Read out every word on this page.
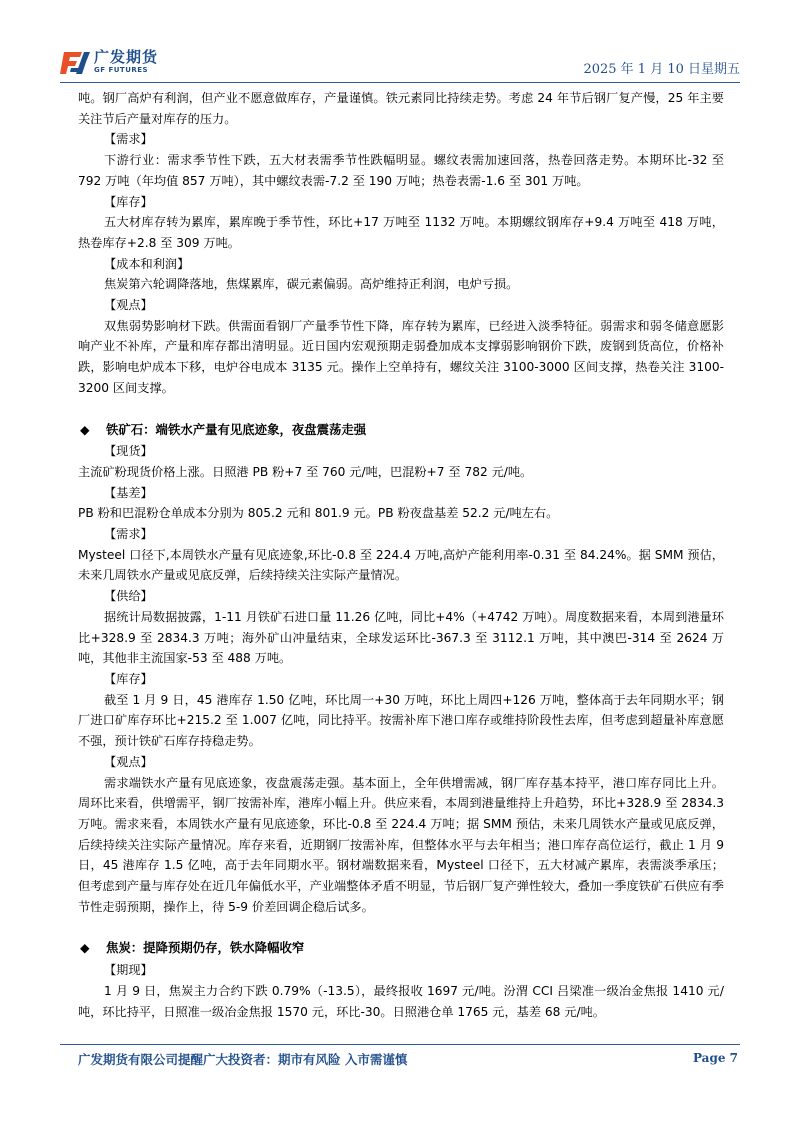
广发期货
GF FUTURES	2025 年 1 月 10 日星期五

吨。钢厂高炉有利润，但产业不愿意做库存，产量谨慎。铁元素同比持续走势。考虑 24 年节后钢厂复产慢，25 年主要关注节后产量对库存的压力。

【需求】

下游行业：需求季节性下跌，五大材表需季节性跌幅明显。螺纹表需加速回落，热卷回落走势。本期环比-32 至 792 万吨（年均值 857 万吨），其中螺纹表需-7.2 至 190 万吨；热卷表需-1.6 至 301 万吨。

【库存】

五大材库存转为累库，累库晚于季节性，环比+17 万吨至 1132 万吨。本期螺纹钢库存+9.4 万吨至 418 万吨，热卷库存+2.8 至 309 万吨。

【成本和利润】

焦炭第六轮调降落地，焦煤累库，碳元素偏弱。高炉维持正利润，电炉亏损。

【观点】

双焦弱势影响材下跌。供需面看钢厂产量季节性下降，库存转为累库，已经进入淡季特征。弱需求和弱冬储意愿影响产业不补库，产量和库存都出清明显。近日国内宏观预期走弱叠加成本支撑弱影响钢价下跌，废钢到货高位，价格补跌，影响电炉成本下移，电炉谷电成本 3135 元。操作上空单持有，螺纹关注 3100-3000 区间支撑，热卷关注 3100-3200 区间支撑。

◆ 铁矿石：端铁水产量有见底迹象，夜盘震荡走强

【现货】

主流矿粉现货价格上涨。日照港 PB 粉+7 至 760 元/吨，巴混粉+7 至 782 元/吨。

【基差】

PB 粉和巴混粉仓单成本分别为 805.2 元和 801.9 元。PB 粉夜盘基差 52.2 元/吨左右。

【需求】

Mysteel 口径下,本周铁水产量有见底迹象,环比-0.8 至 224.4 万吨,高炉产能利用率-0.31 至 84.24%。据 SMM 预估，未来几周铁水产量或见底反弹，后续持续关注实际产量情况。

【供给】

据统计局数据披露，1-11 月铁矿石进口量 11.26 亿吨，同比+4%（+4742 万吨）。周度数据来看，本周到港量环比+328.9 至 2834.3 万吨；海外矿山冲量结束，全球发运环比-367.3 至 3112.1 万吨，其中澳巴-314 至 2624 万吨，其他非主流国家-53 至 488 万吨。

【库存】

截至 1 月 9 日，45 港库存 1.50 亿吨，环比周一+30 万吨，环比上周四+126 万吨，整体高于去年同期水平；钢厂进口矿库存环比+215.2 至 1.007 亿吨，同比持平。按需补库下港口库存或维持阶段性去库，但考虑到超量补库意愿不强，预计铁矿石库存持稳走势。

【观点】

需求端铁水产量有见底迹象，夜盘震荡走强。基本面上，全年供增需减，钢厂库存基本持平，港口库存同比上升。周环比来看，供增需平，钢厂按需补库，港库小幅上升。供应来看，本周到港量维持上升趋势，环比+328.9 至 2834.3 万吨。需求来看，本周铁水产量有见底迹象，环比-0.8 至 224.4 万吨；据 SMM 预估，未来几周铁水产量或见底反弹，后续持续关注实际产量情况。库存来看，近期钢厂按需补库，但整体水平与去年相当；港口库存高位运行，截止 1 月 9 日，45 港库存 1.5 亿吨，高于去年同期水平。钢材端数据来看，Mysteel 口径下，五大材减产累库，表需淡季承压；但考虑到产量与库存处在近几年偏低水平，产业端整体矛盾不明显，节后钢厂复产弹性较大，叠加一季度铁矿石供应有季节性走弱预期，操作上，待 5-9 价差回调企稳后试多。

◆ 焦炭：提降预期仍存，铁水降幅收窄

【期现】

1 月 9 日，焦炭主力合约下跌 0.79%（-13.5），最终报收 1697 元/吨。汾渭 CCI 吕梁准一级冶金焦报 1410 元/吨，环比持平，日照准一级冶金焦报 1570 元，环比-30。日照港仓单 1765 元，基差 68 元/吨。

广发期货有限公司提醒广大投资者：期市有风险 入市需谨慎	Page 7
